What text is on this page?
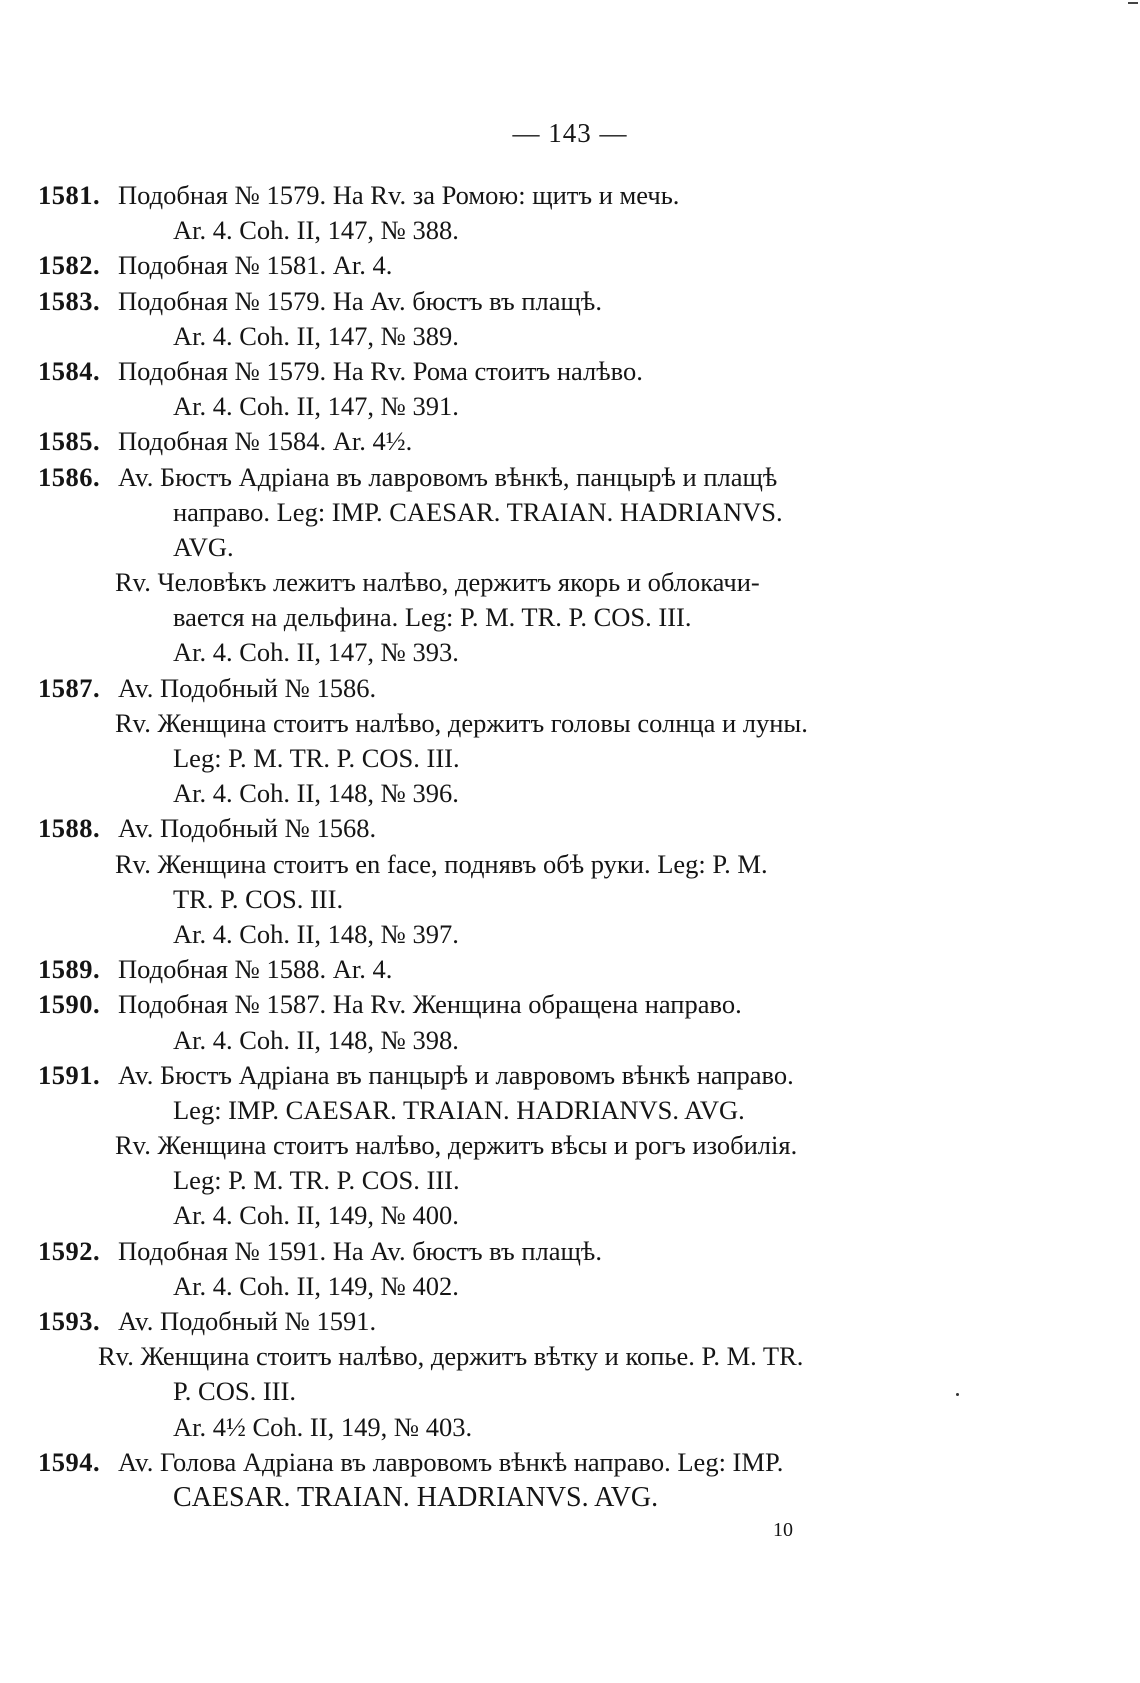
— 143 —
1581. Подобная № 1579. На Rv. за Ромою: щитъ и мечь.
Ar. 4. Coh. II, 147, № 388.
1582. Подобная № 1581. Ar. 4.
1583. Подобная № 1579. На Av. бюстъ въ плащѣ.
Ar. 4. Coh. II, 147, № 389.
1584. Подобная № 1579. На Rv. Рома стоитъ налѣво.
Ar. 4. Coh. II, 147, № 391.
1585. Подобная № 1584. Ar. 4½.
1586. Av. Бюстъ Адріана въ лавровомъ вѣнкѣ, панцырѣ и плащѣ
направо. Leg: IMP. CAESAR. TRAIAN. HADRIANVS.
AVG.
Rv. Человѣкъ лежитъ налѣво, держитъ якорь и облокачи-
вается на дельфина. Leg: P. M. TR. P. COS. III.
Ar. 4. Coh. II, 147, № 393.
1587. Av. Подобный № 1586.
Rv. Женщина стоитъ налѣво, держитъ головы солнца и луны.
Leg: P. M. TR. P. COS. III.
Ar. 4. Coh. II, 148, № 396.
1588. Av. Подобный № 1568.
Rv. Женщина стоитъ en face, поднявъ обѣ руки. Leg: P. M.
TR. P. COS. III.
Ar. 4. Coh. II, 148, № 397.
1589. Подобная № 1588. Ar. 4.
1590. Подобная № 1587. На Rv. Женщина обращена направо.
Ar. 4. Coh. II, 148, № 398.
1591. Av. Бюстъ Адріана въ панцырѣ и лавровомъ вѣнкѣ направо.
Leg: IMP. CAESAR. TRAIAN. HADRIANVS. AVG.
Rv. Женщина стоитъ налѣво, держитъ вѣсы и рогъ изобилія.
Leg: P. M. TR. P. COS. III.
Ar. 4. Coh. II, 149, № 400.
1592. Подобная № 1591. На Av. бюстъ въ плащѣ.
Ar. 4. Coh. II, 149, № 402.
1593. Av. Подобный № 1591.
Rv. Женщина стоитъ налѣво, держитъ вѣтку и копье. P. M. TR.
P. COS. III.
Ar. 4½ Coh. II, 149, № 403.
1594. Av. Голова Адріана въ лавровомъ вѣнкѣ направо. Leg: IMP.
CAESAR. TRAIAN. HADRIANVS. AVG.
10
